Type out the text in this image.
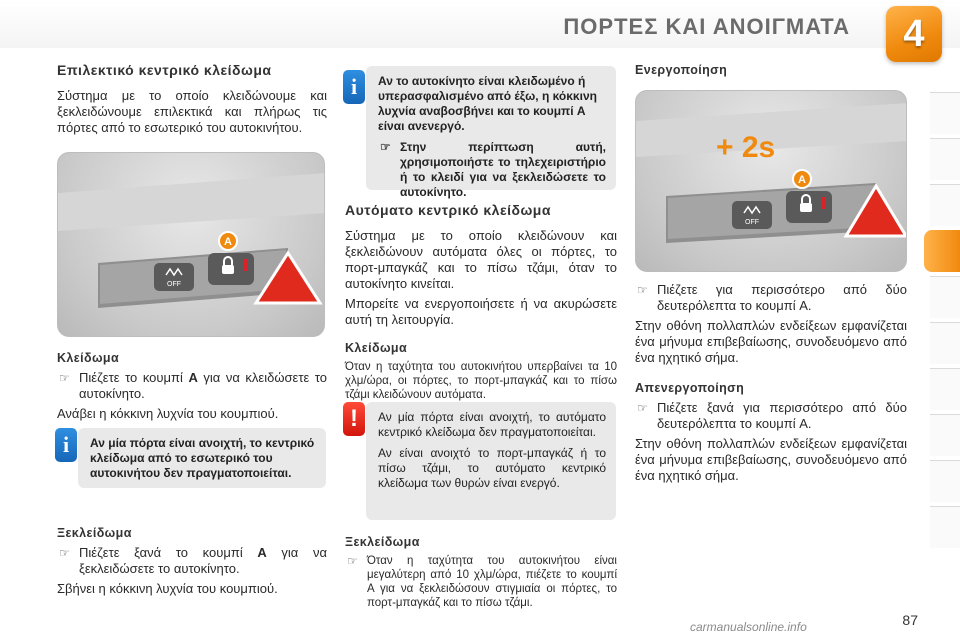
ΠΟΡΤΕΣ ΚΑΙ ΑΝΟΙΓΜΑΤΑ	4
Επιλεκτικό κεντρικό κλείδωμα

Σύστημα με το οποίο κλειδώνουμε και ξεκλειδώνουμε επιλεκτικά και πλήρως τις πόρτες από το εσωτερικό του αυτοκινήτου.

A
OFF
Κλείδωμα
☞ Πιέζετε το κουμπί A για να κλειδώσετε το αυτοκίνητο.

Ανάβει η κόκκινη λυχνία του κουμπιού.

Αν μία πόρτα είναι ανοιχτή, το κεντρικό κλείδωμα από το εσωτερικό του αυτοκινήτου δεν πραγματοποιείται.
i
Ξεκλείδωμα
☞ Πιέζετε ξανά το κουμπί A για να ξεκλειδώσετε το αυτοκίνητο.

Σβήνει η κόκκινη λυχνία του κουμπιού.

Αν το αυτοκίνητο είναι κλειδωμένο ή υπερασφαλισμένο από έξω, η κόκκινη λυχνία αναβοσβήνει και το κουμπί A είναι ανενεργό.
☞ Στην περίπτωση αυτή, χρησιμοποιήστε το τηλεχειριστήριο ή το κλειδί για να ξεκλειδώσετε το αυτοκίνητο.
i
Αυτόματο κεντρικό κλείδωμα

Σύστημα με το οποίο κλειδώνουν και ξεκλειδώνουν αυτόματα όλες οι πόρτες, το πορτ-μπαγκάζ και το πίσω τζάμι, όταν το αυτοκίνητο κινείται.

Μπορείτε να ενεργοποιήσετε ή να ακυρώσετε αυτή τη λειτουργία.

Κλείδωμα

Όταν η ταχύτητα του αυτοκινήτου υπερβαίνει τα 10 χλμ/ώρα, οι πόρτες, το πορτ-μπαγκάζ και το πίσω τζάμι κλειδώνουν αυτόματα.

Αν μία πόρτα είναι ανοιχτή, το αυτόματο κεντρικό κλείδωμα δεν πραγματοποιείται.

Αν είναι ανοιχτό το πορτ-μπαγκάζ ή το πίσω τζάμι, το αυτόματο κεντρικό κλείδωμα των θυρών είναι ενεργό.

!
Ξεκλείδωμα
☞ Όταν η ταχύτητα του αυτοκινήτου είναι μεγαλύτερη από 10 χλμ/ώρα, πιέζετε το κουμπί A για να ξεκλειδώσουν στιγμιαία οι πόρτες, το πορτ-μπαγκάζ και το πίσω τζάμι.
Ενεργοποίηση
+ 2s
A
OFF
☞ Πιέζετε για περισσότερο από δύο δευτερόλεπτα το κουμπί A.

Στην οθόνη πολλαπλών ενδείξεων εμφανίζεται ένα μήνυμα επιβεβαίωσης, συνοδευόμενο από ένα ηχητικό σήμα.

Απενεργοποίηση
☞ Πιέζετε ξανά για περισσότερο από δύο δευτερόλεπτα το κουμπί A.

Στην οθόνη πολλαπλών ενδείξεων εμφανίζεται ένα μήνυμα επιβεβαίωσης, συνοδευόμενο από ένα ηχητικό σήμα.

87
carmanualsonline.info
